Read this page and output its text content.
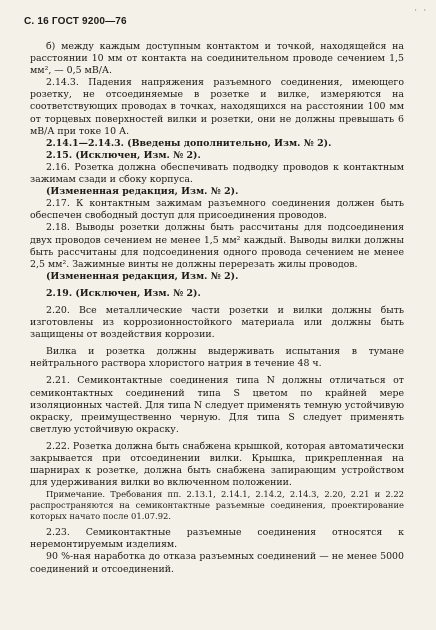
· ·
С. 16 ГОСТ 9200—76

б) между каждым доступным контактом и точкой, находящейся на расстоянии 10 мм от контакта на соединительном проводе сечением 1,5 мм², — 0,5 мВ/А.

2.14.3. Падения напряжения разъемного соединения, имеющего розетку, не отсоединяемые в розетке и вилке, измеряются на соответствующих проводах в точках, находящихся на расстоянии 100 мм от торцевых поверхностей вилки и розетки, они не должны превышать 6 мВ/А при токе 10 А.

2.14.1—2.14.3. (Введены дополнительно, Изм. № 2).

2.15. (Исключен, Изм. № 2).

2.16. Розетка должна обеспечивать подводку проводов к контактным зажимам сзади и сбоку корпуса.

(Измененная редакция, Изм. № 2).

2.17. К контактным зажимам разъемного соединения должен быть обеспечен свободный доступ для присоединения проводов.

2.18. Выводы розетки должны быть рассчитаны для подсоединения двух проводов сечением не менее 1,5 мм² каждый. Выводы вилки должны быть рассчитаны для подсоединения одного провода сечением не менее 2,5 мм². Зажимные винты не должны перерезать жилы проводов.

(Измененная редакция, Изм. № 2).

2.19. (Исключен, Изм. № 2).

2.20. Все металлические части розетки и вилки должны быть изготовлены из коррозионностойкого материала или должны быть защищены от воздействия коррозии.

Вилка и розетка должны выдерживать испытания в тумане нейтрального раствора хлористого натрия в течение 48 ч.

2.21. Семиконтактные соединения типа N должны отличаться от семиконтактных соединений типа S цветом по крайней мере изоляционных частей. Для типа N следует применять темную устойчивую окраску, преимущественно черную. Для типа S следует применять светлую устойчивую окраску.

2.22. Розетка должна быть снабжена крышкой, которая автоматически закрывается при отсоединении вилки. Крышка, прикрепленная на шарнирах к розетке, должна быть снабжена запирающим устройством для удерживания вилки во включенном положении.

Примечание. Требования пп. 2.13.1, 2.14.1, 2.14.2, 2.14.3, 2.20, 2.21 и 2.22 распространяются на семиконтактные разъемные соединения, проектирование которых начато после 01.07.92.

2.23. Семиконтактные разъемные соединения относятся к неремонтируемым изделиям.

90 %-ная наработка до отказа разъемных соединений — не менее 5000 соединений и отсоединений.
